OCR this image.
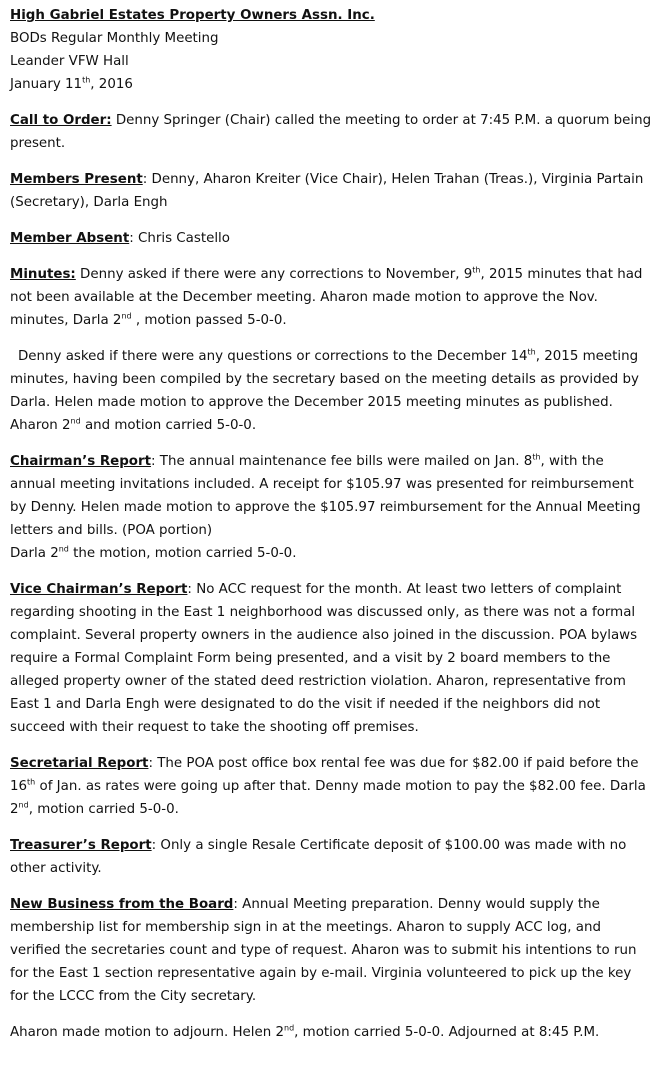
High Gabriel Estates Property Owners Assn. Inc.

BODs Regular Monthly Meeting

Leander VFW Hall

January 11th, 2016

Call to Order: Denny Springer (Chair) called the meeting to order at 7:45 P.M. a quorum being present.

Members Present: Denny, Aharon Kreiter (Vice Chair), Helen Trahan (Treas.), Virginia Partain (Secretary), Darla Engh

Member Absent: Chris Castello

Minutes: Denny asked if there were any corrections to November, 9th, 2015 minutes that had not been available at the December meeting. Aharon made motion to approve the Nov. minutes, Darla 2nd , motion passed 5-0-0.

Denny asked if there were any questions or corrections to the December 14th, 2015 meeting minutes, having been compiled by the secretary based on the meeting details as provided by Darla. Helen made motion to approve the December 2015 meeting minutes as published. Aharon 2nd and motion carried 5-0-0.

Chairman’s Report: The annual maintenance fee bills were mailed on Jan. 8th, with the annual meeting invitations included. A receipt for $105.97 was presented for reimbursement by Denny. Helen made motion to approve the $105.97 reimbursement for the Annual Meeting letters and bills. (POA portion)
Darla 2nd the motion, motion carried 5-0-0.

Vice Chairman’s Report: No ACC request for the month. At least two letters of complaint regarding shooting in the East 1 neighborhood was discussed only, as there was not a formal complaint. Several property owners in the audience also joined in the discussion. POA bylaws require a Formal Complaint Form being presented, and a visit by 2 board members to the alleged property owner of the stated deed restriction violation. Aharon, representative from East 1 and Darla Engh were designated to do the visit if needed if the neighbors did not succeed with their request to take the shooting off premises.

Secretarial Report: The POA post office box rental fee was due for $82.00 if paid before the 16th of Jan. as rates were going up after that. Denny made motion to pay the $82.00 fee. Darla 2nd, motion carried 5-0-0.

Treasurer’s Report: Only a single Resale Certificate deposit of $100.00 was made with no other activity.

New Business from the Board: Annual Meeting preparation. Denny would supply the membership list for membership sign in at the meetings. Aharon to supply ACC log, and verified the secretaries count and type of request. Aharon was to submit his intentions to run for the East 1 section representative again by e-mail. Virginia volunteered to pick up the key for the LCCC from the City secretary.

Aharon made motion to adjourn. Helen 2nd, motion carried 5-0-0. Adjourned at 8:45 P.M.
